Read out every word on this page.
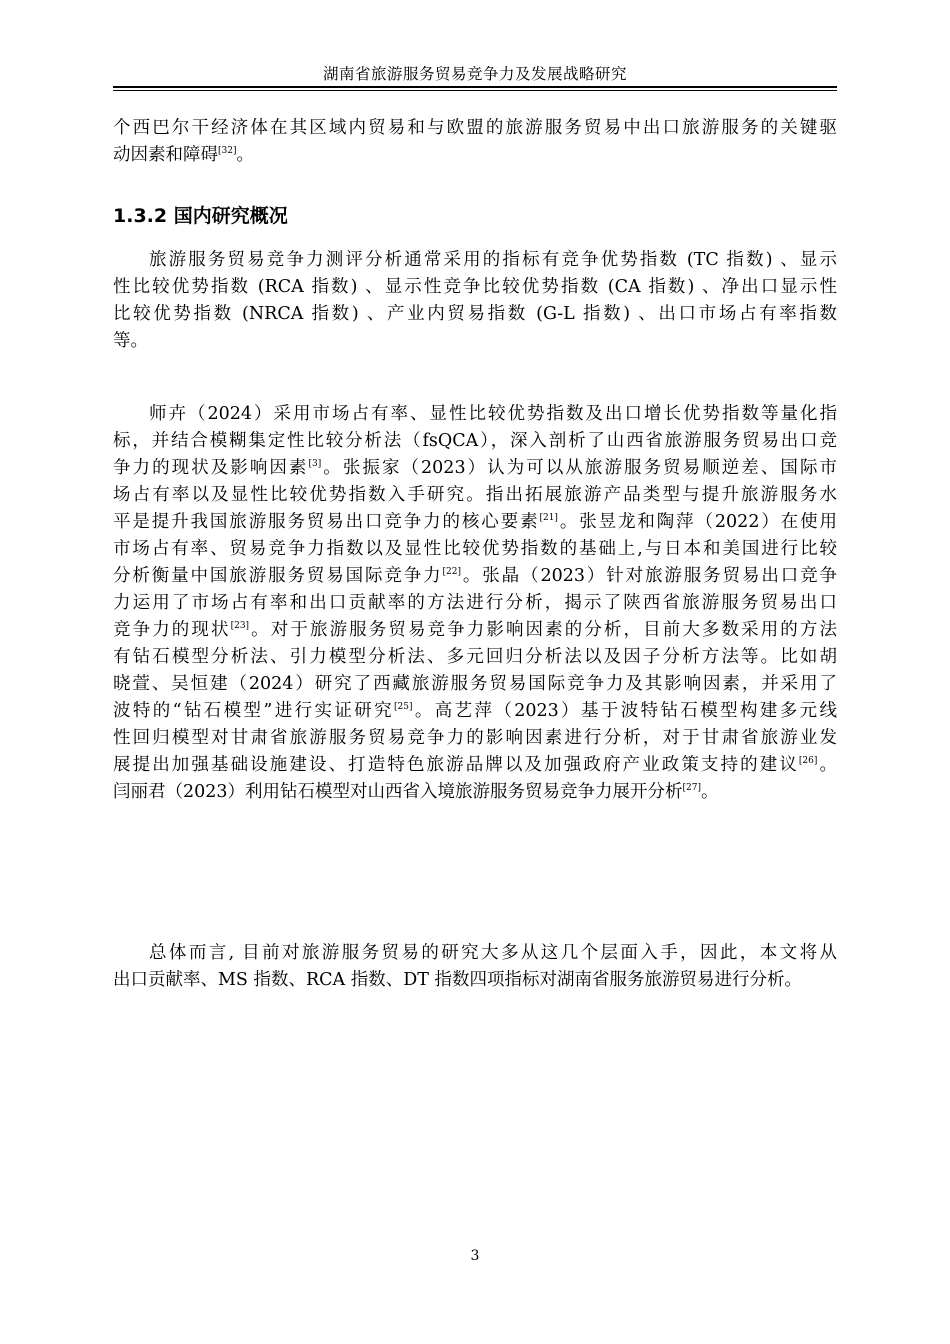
湖南省旅游服务贸易竞争力及发展战略研究
个西巴尔干经济体在其区域内贸易和与欧盟的旅游服务贸易中出口旅游服务的关键驱
动因素和障碍[32]。
1.3.2 国内研究概况
旅游服务贸易竞争力测评分析通常采用的指标有竞争优势指数 (TC 指数) 、显示
性比较优势指数 (RCA 指数) 、显示性竞争比较优势指数 (CA 指数) 、净出口显示性
比较优势指数 (NRCA 指数) 、产业内贸易指数 (G-L 指数) 、出口市场占有率指数
等。
师卉（2024）采用市场占有率、显性比较优势指数及出口增长优势指数等量化指
标，并结合模糊集定性比较分析法（fsQCA），深入剖析了山西省旅游服务贸易出口竞
争力的现状及影响因素[3]。张振家（2023）认为可以从旅游服务贸易顺逆差、国际市
场占有率以及显性比较优势指数入手研究。指出拓展旅游产品类型与提升旅游服务水
平是提升我国旅游服务贸易出口竞争力的核心要素[21]。张昱龙和陶萍（2022）在使用
市场占有率、贸易竞争力指数以及显性比较优势指数的基础上,与日本和美国进行比较
分析衡量中国旅游服务贸易国际竞争力[22]。张晶（2023）针对旅游服务贸易出口竞争
力运用了市场占有率和出口贡献率的方法进行分析，揭示了陕西省旅游服务贸易出口
竞争力的现状[23]。对于旅游服务贸易竞争力影响因素的分析，目前大多数采用的方法
有钻石模型分析法、引力模型分析法、多元回归分析法以及因子分析方法等。比如胡
晓萱、吴恒建（2024）研究了西藏旅游服务贸易国际竞争力及其影响因素，并采用了
波特的“钻石模型”进行实证研究[25]。高艺萍（2023）基于波特钻石模型构建多元线
性回归模型对甘肃省旅游服务贸易竞争力的影响因素进行分析，对于甘肃省旅游业发
展提出加强基础设施建设、打造特色旅游品牌以及加强政府产业政策支持的建议[26]。
闫丽君（2023）利用钻石模型对山西省入境旅游服务贸易竞争力展开分析[27]。
总体而言, 目前对旅游服务贸易的研究大多从这几个层面入手，因此，本文将从
出口贡献率、MS 指数、RCA 指数、DT 指数四项指标对湖南省服务旅游贸易进行分析。
3
